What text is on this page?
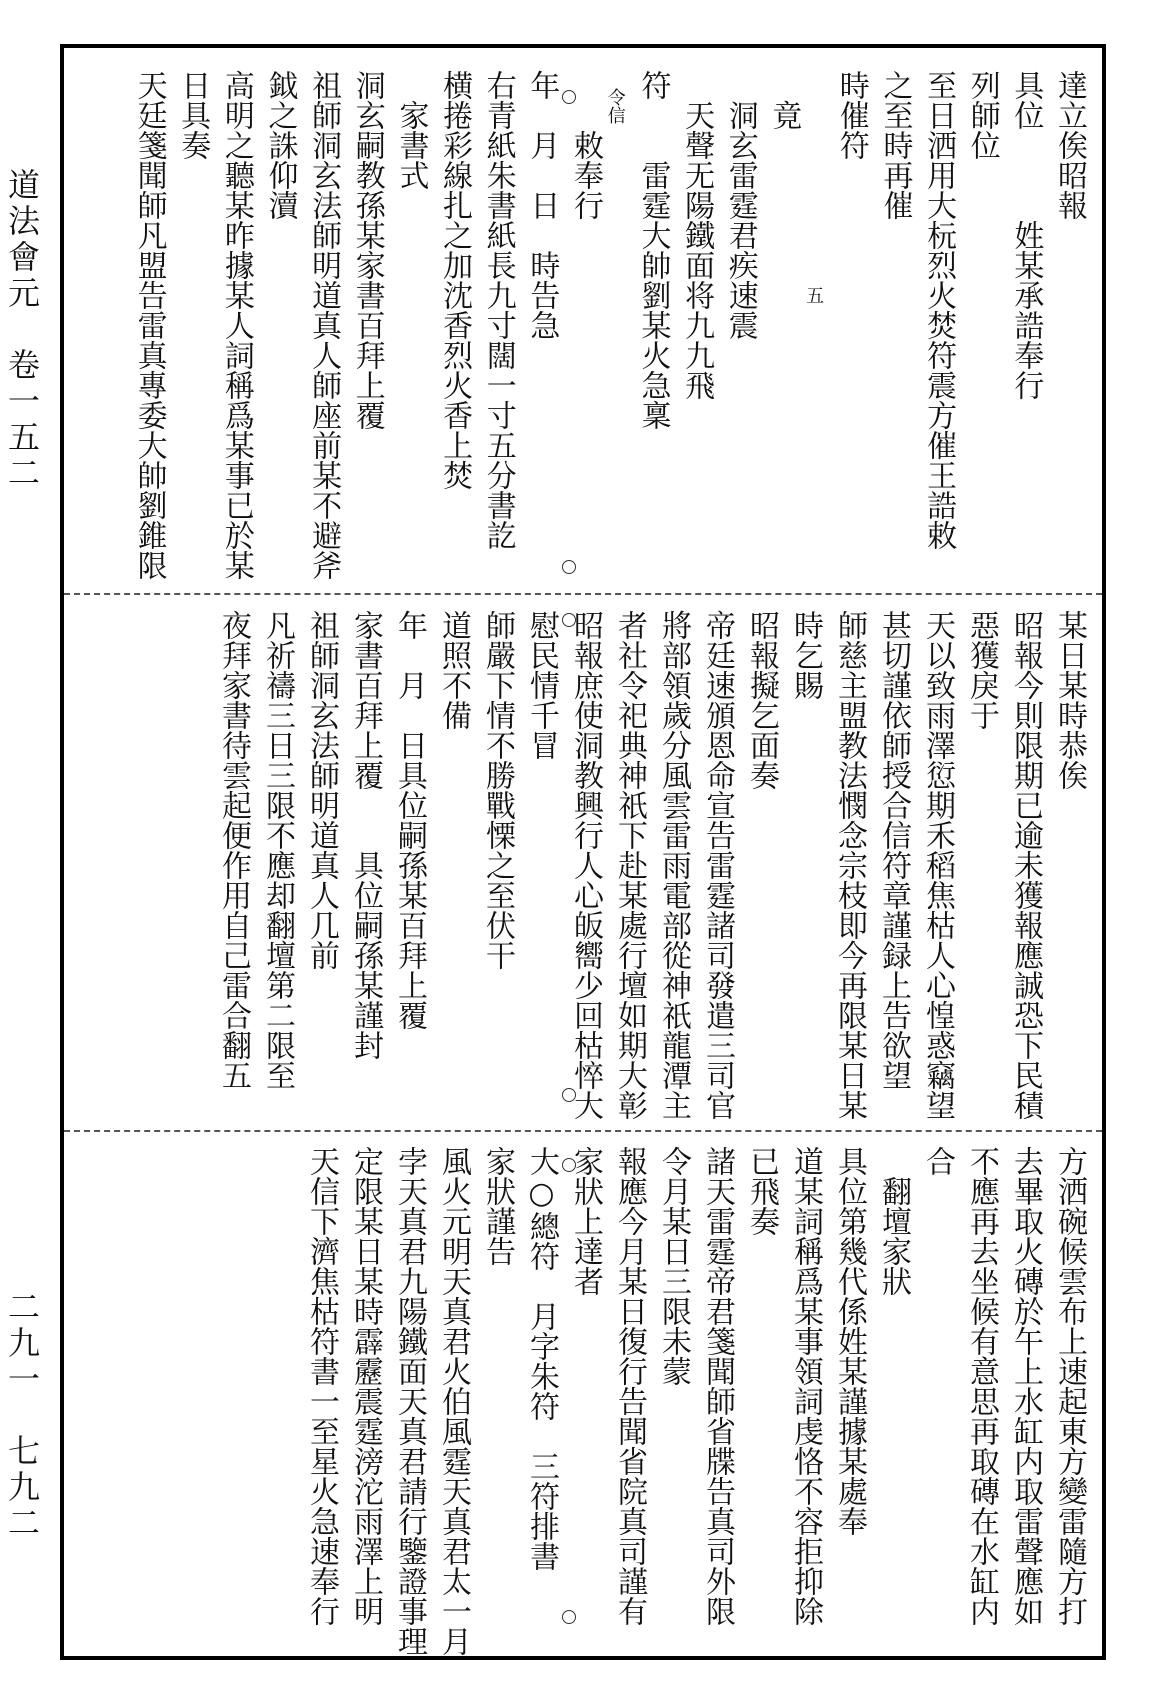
道法會元　卷一五二
二九一　七九二
達立俟昭報
具位　　　姓某承誥奉行
列師位
至日洒用大杬烈火焚符震方催王誥敕
之至時再催
時催符
　　　　　　　　　　　　五
　竟
　洞玄雷霆君疾速震
　天聲无陽鐵面将九九飛
符　　雷霆大帥劉某火急稟
　令信
　　敕奉行
年　月　日　時告急
右青紙朱書紙長九寸闊一寸五分書訖
横捲彩線扎之加沈香烈火香上焚
　家書式
洞玄嗣教孫某家書百拜上覆
祖師洞玄法師明道真人師座前某不避斧
鉞之誅仰瀆
高明之聽某昨據某人詞稱爲某事已於某
日具奏
天廷箋聞師凡盟告雷真專委大帥劉錐限
某日某時恭俟
昭報今則限期已逾未獲報應誠恐下民積
惡獲戾于
天以致雨澤愆期禾稻焦枯人心惶惑竊望
甚切謹依師授合信符章謹録上告欲望
師慈主盟教法憫念宗枝即今再限某日某
時乞賜
昭報擬乞面奏
帝廷速頒恩命宣告雷霆諸司發遣三司官
將部領歲分風雲雷雨電部從神祇龍潭主
者社令祀典神祇下赴某處行壇如期大彰
昭報庶使洞教興行人心皈嚮少回枯悴大
慰民情千冒
師嚴下情不勝戰慄之至伏干
道照不備
年　月　日具位嗣孫某百拜上覆
家書百拜上覆　　具位嗣孫某謹封
祖師洞玄法師明道真人几前
凡祈禱三日三限不應却翻壇第二限至
夜拜家書待雲起便作用自己雷合翻五
方洒碗候雲布上速起東方變雷隨方打
去畢取火磚於午上水缸内取雷聲應如
不應再去坐候有意思再取磚在水缸内
合
　翻壇家狀
具位第幾代係姓某謹據某處奉
道某詞稱爲某事領詞虔恪不容拒抑除
已飛奏
諸天雷霆帝君箋聞師省牒告真司外限
令月某日三限未蒙
報應今月某日復行告聞省院真司謹有
家狀上達者
大○總符　月字朱符　三符排書
家狀謹告
風火元明天真君火伯風霆天真君太一月
孛天真君九陽鐵面天真君請行鑒證事理
定限某日某時霹靂震霆滂沱雨澤上明
天信下濟焦枯符書一至星火急速奉行
